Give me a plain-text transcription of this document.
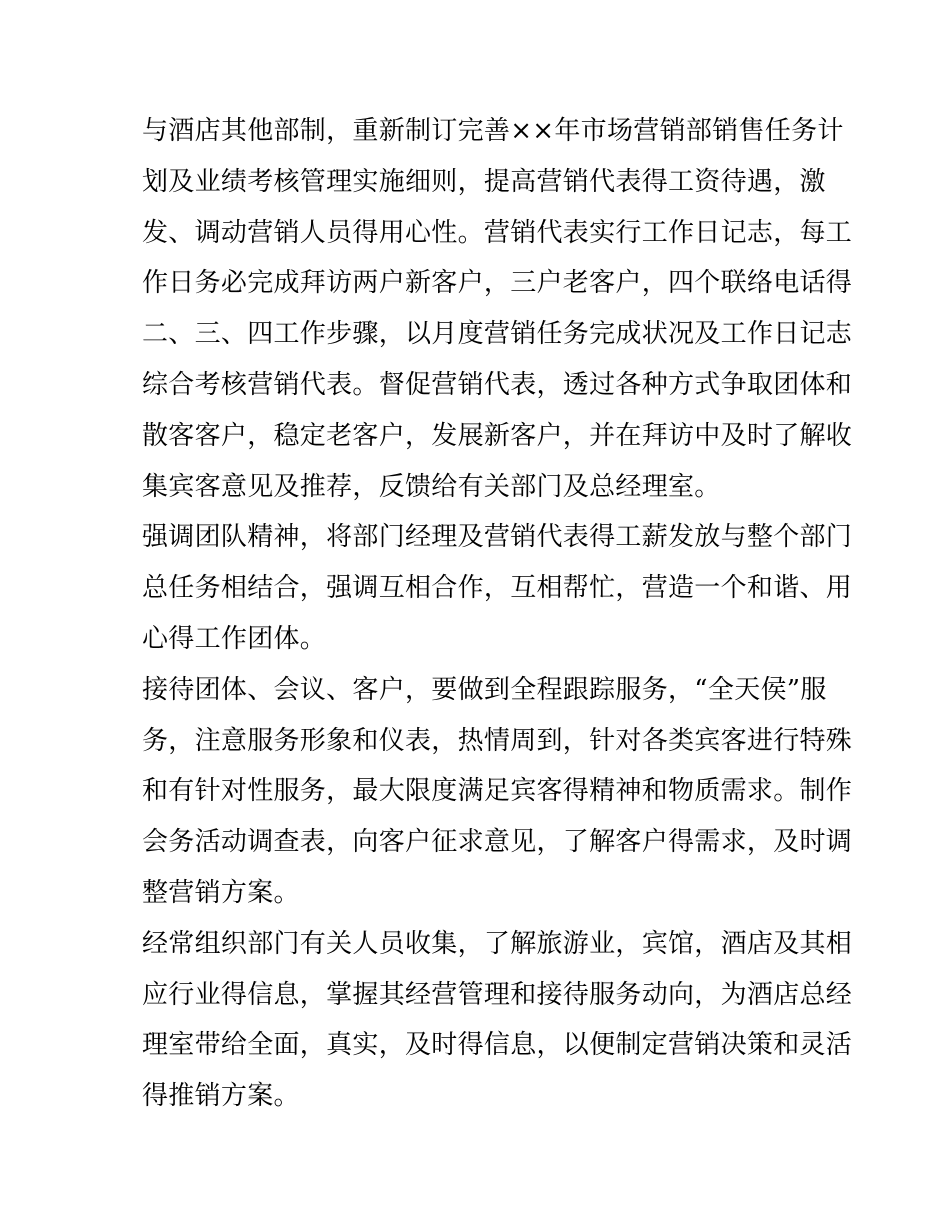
与酒店其他部制，重新制订完善××年市场营销部销售任务计
划及业绩考核管理实施细则，提高营销代表得工资待遇，激
发、调动营销人员得用心性。营销代表实行工作日记志，每工
作日务必完成拜访两户新客户，三户老客户，四个联络电话得
二、三、四工作步骤，以月度营销任务完成状况及工作日记志
综合考核营销代表。督促营销代表，透过各种方式争取团体和
散客客户，稳定老客户，发展新客户，并在拜访中及时了解收
集宾客意见及推荐，反馈给有关部门及总经理室。
强调团队精神，将部门经理及营销代表得工薪发放与整个部门
总任务相结合，强调互相合作，互相帮忙，营造一个和谐、用
心得工作团体。
接待团体、会议、客户，要做到全程跟踪服务，“全天侯”服
务，注意服务形象和仪表，热情周到，针对各类宾客进行特殊
和有针对性服务，最大限度满足宾客得精神和物质需求。制作
会务活动调查表，向客户征求意见，了解客户得需求，及时调
整营销方案。
经常组织部门有关人员收集，了解旅游业，宾馆，酒店及其相
应行业得信息，掌握其经营管理和接待服务动向，为酒店总经
理室带给全面，真实，及时得信息，以便制定营销决策和灵活
得推销方案。
